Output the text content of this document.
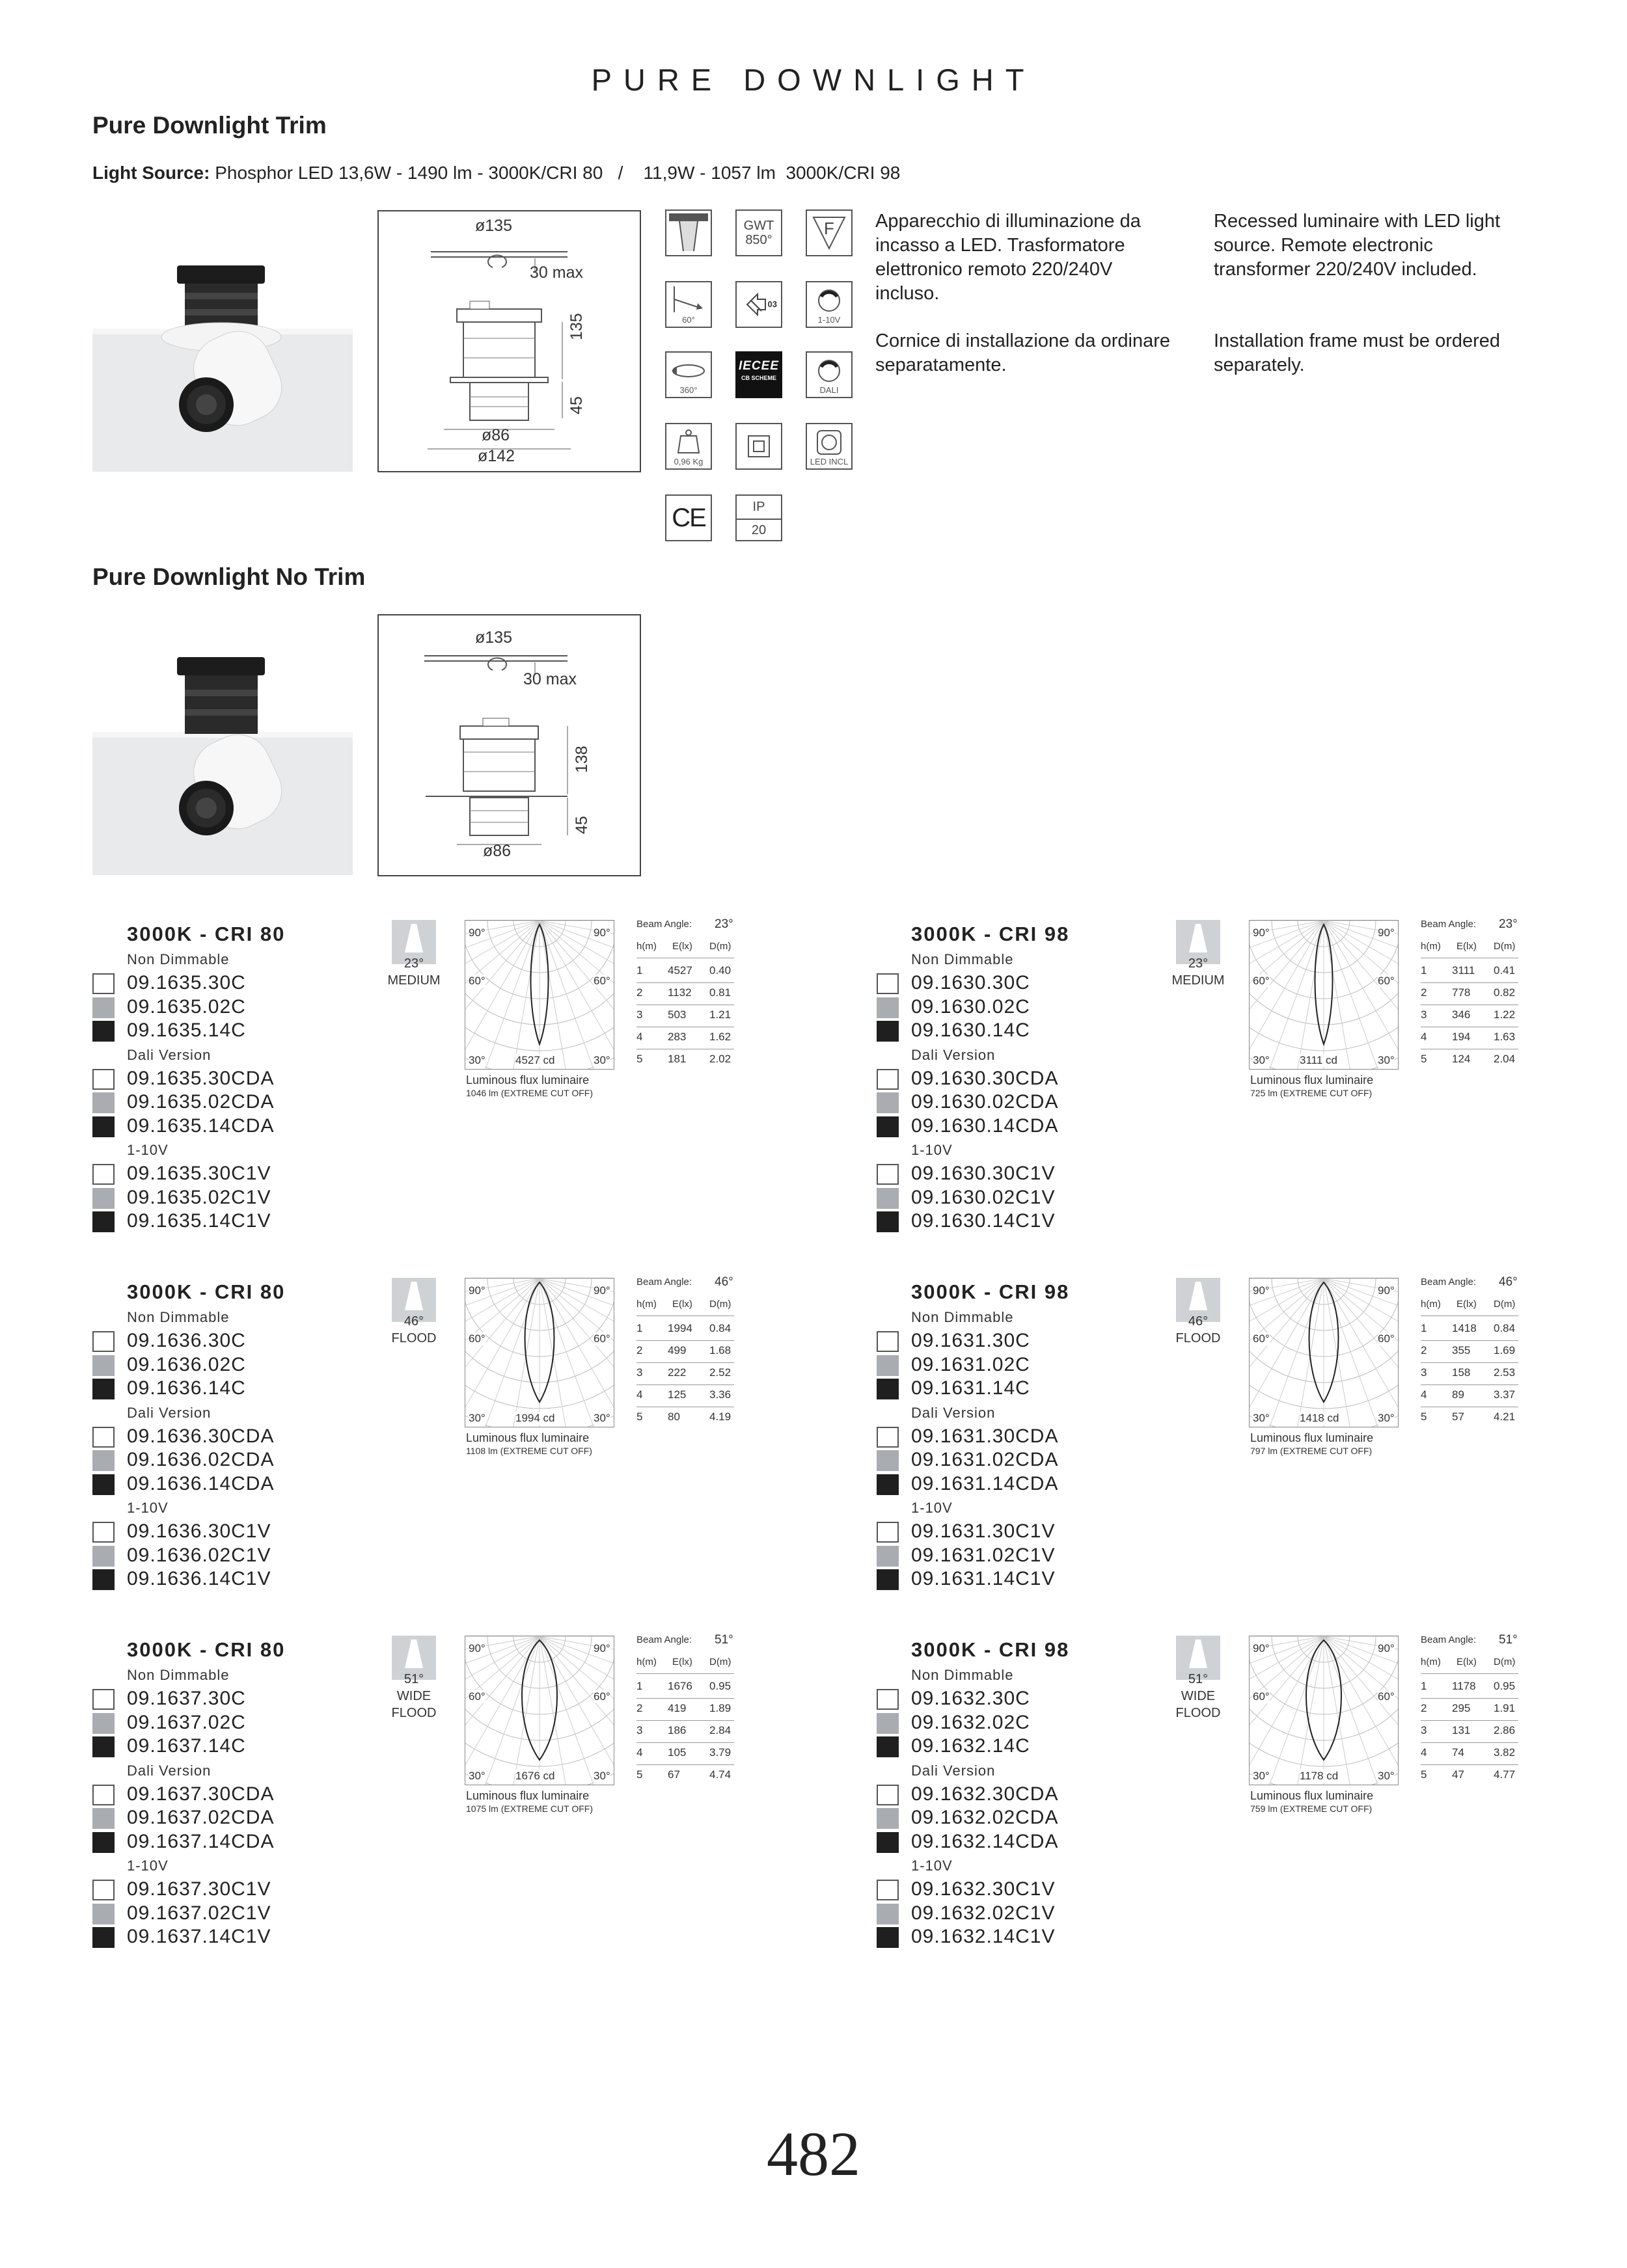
PURE DOWNLIGHT
Pure Downlight Trim
Light Source: Phosphor LED 13,6W - 1490 lm - 3000K/CRI 80   /    11,9W - 1057 lm  3000K/CRI 98
ø135
30 max
135
45
ø86
ø142
GWT
850°
F
60°
03
1-10V
360°
IECEE
CB SCHEME
DALI
0,96 Kg	LED INCL
CE	IP
20
Apparecchio di illuminazione da incasso a LED. Trasformatore elettronico remoto 220/240V incluso.
Cornice di installazione da ordinare separatamente.
Recessed luminaire with LED light source. Remote electronic transformer 220/240V included.
Installation frame must be ordered separately.
Pure Downlight No Trim
ø135
30 max
138
45
ø86
3000K - CRI 80
Non Dimmable
09.1635.30C
09.1635.02C
09.1635.14C
Dali Version
09.1635.30CDA
09.1635.02CDA
09.1635.14CDA
1-10V
09.1635.30C1V
09.1635.02C1V
09.1635.14C1V
23°
MEDIUM
90°	90°
60°	60°
30°	30°
4527 cd
Luminous flux luminaire
1046 lm (EXTREME CUT OFF)
Beam Angle: 23°
h(m) E(lx) D(m)
1 4527 0.40
2 1132 0.81
3 503 1.21
4 283 1.62
5 181 2.02
3000K - CRI 98
Non Dimmable
09.1630.30C
09.1630.02C
09.1630.14C
Dali Version
09.1630.30CDA
09.1630.02CDA
09.1630.14CDA
1-10V
09.1630.30C1V
09.1630.02C1V
09.1630.14C1V
23°
MEDIUM
90°	90°
60°	60°
30°	30°
3111 cd
Luminous flux luminaire
725 lm (EXTREME CUT OFF)
Beam Angle: 23°
h(m) E(lx) D(m)
1 3111 0.41
2 778 0.82
3 346 1.22
4 194 1.63
5 124 2.04
3000K - CRI 80
Non Dimmable
09.1636.30C
09.1636.02C
09.1636.14C
Dali Version
09.1636.30CDA
09.1636.02CDA
09.1636.14CDA
1-10V
09.1636.30C1V
09.1636.02C1V
09.1636.14C1V
46°
FLOOD
90°	90°
60°	60°
30°	30°
1994 cd
Luminous flux luminaire
1108 lm (EXTREME CUT OFF)
Beam Angle: 46°
h(m) E(lx) D(m)
1 1994 0.84
2 499 1.68
3 222 2.52
4 125 3.36
5 80	4.19
3000K - CRI 98
Non Dimmable
09.1631.30C
09.1631.02C
09.1631.14C
Dali Version
09.1631.30CDA
09.1631.02CDA
09.1631.14CDA
1-10V
09.1631.30C1V
09.1631.02C1V
09.1631.14C1V
46°
FLOOD
90°	90°
60°	60°
30°	30°
1418 cd
Luminous flux luminaire
797 lm (EXTREME CUT OFF)
Beam Angle: 46°
h(m) E(lx) D(m)
1 1418 0.84
2 355 1.69
3 158 2.53
4 89	3.37
5 57	4.21
3000K - CRI 80
Non Dimmable
09.1637.30C
09.1637.02C
09.1637.14C
Dali Version
09.1637.30CDA
09.1637.02CDA
09.1637.14CDA
1-10V
09.1637.30C1V
09.1637.02C1V
09.1637.14C1V
51°
WIDE
FLOOD
90°	90°
60°	60°
30°	30°
1676 cd
Luminous flux luminaire
1075 lm (EXTREME CUT OFF)
Beam Angle: 51°
h(m) E(lx) D(m)
1 1676 0.95
2 419 1.89
3 186 2.84
4 105 3.79
5 67	4.74
3000K - CRI 98
Non Dimmable
09.1632.30C
09.1632.02C
09.1632.14C
Dali Version
09.1632.30CDA
09.1632.02CDA
09.1632.14CDA
1-10V
09.1632.30C1V
09.1632.02C1V
09.1632.14C1V
51°
WIDE
FLOOD
90°	90°
60°	60°
30°	30°
1178 cd
Luminous flux luminaire
759 lm (EXTREME CUT OFF)
Beam Angle: 51°
h(m) E(lx) D(m)
1 1178 0.95
2 295 1.91
3 131 2.86
4 74	3.82
5 47	4.77
482
